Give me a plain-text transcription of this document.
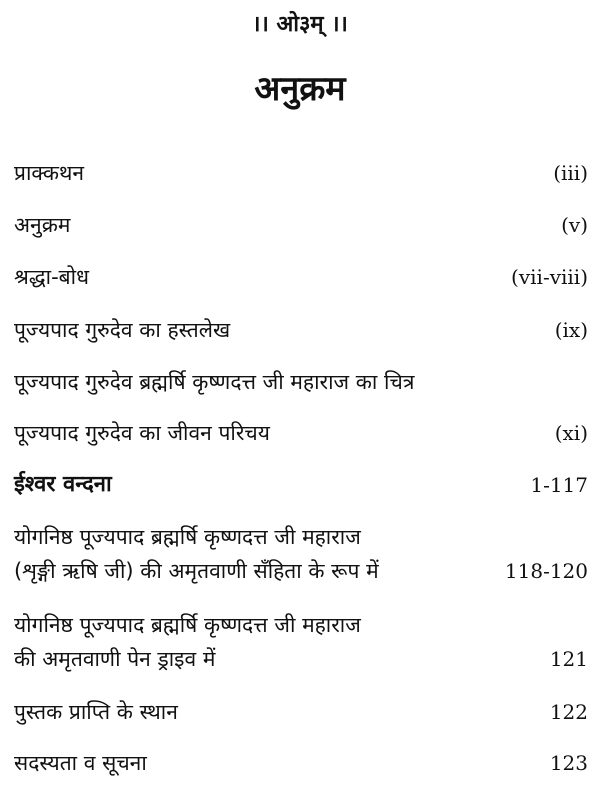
।। ओ३म् ।।
अनुक्रम
प्राक्कथन	(iii)
अनुक्रम	(v)
श्रद्धा-बोध	(vii-viii)
पूज्यपाद गुरुदेव का हस्तलेख	(ix)
पूज्यपाद गुरुदेव ब्रह्मर्षि कृष्णदत्त जी महाराज का चित्र
पूज्यपाद गुरुदेव का जीवन परिचय	(xi)
ईश्वर वन्दना	1-117
योगनिष्ठ पूज्यपाद ब्रह्मर्षि कृष्णदत्त जी महाराज
(शृङ्गी ऋषि जी) की अमृतवाणी सँहिता के रूप में	118-120
योगनिष्ठ पूज्यपाद ब्रह्मर्षि कृष्णदत्त जी महाराज
की अमृतवाणी पेन ड्राइव में	121
पुस्तक प्राप्ति के स्थान	122
सदस्यता व सूचना	123
